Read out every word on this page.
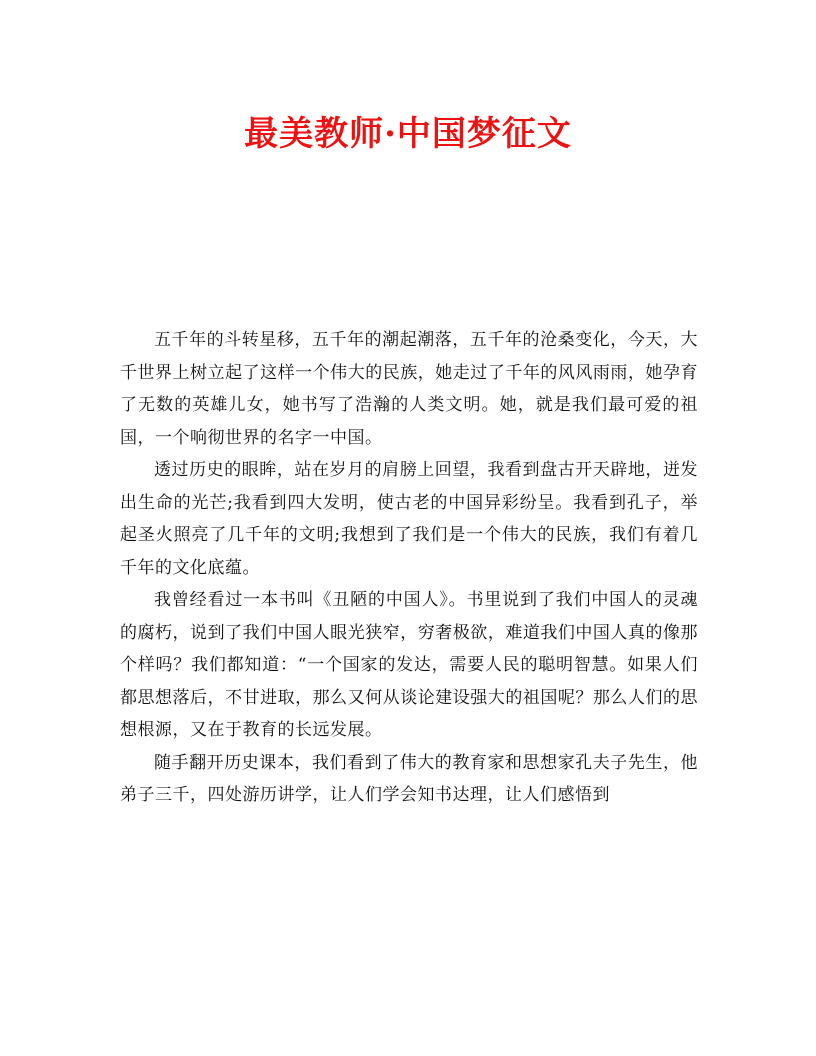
最美教师·中国梦征文

五千年的斗转星移，五千年的潮起潮落，五千年的沧桑变化，今天，大千世界上树立起了这样一个伟大的民族，她走过了千年的风风雨雨，她孕育了无数的英雄儿女，她书写了浩瀚的人类文明。她，就是我们最可爱的祖国，一个响彻世界的名字一中国。

透过历史的眼眸，站在岁月的肩膀上回望，我看到盘古开天辟地，迸发出生命的光芒;我看到四大发明，使古老的中国异彩纷呈。我看到孔子，举起圣火照亮了几千年的文明;我想到了我们是一个伟大的民族，我们有着几千年的文化底蕴。

我曾经看过一本书叫《丑陋的中国人》。书里说到了我们中国人的灵魂的腐朽，说到了我们中国人眼光狭窄，穷奢极欲，难道我们中国人真的像那个样吗？我们都知道：“一个国家的发达，需要人民的聪明智慧。如果人们都思想落后，不甘进取，那么又何从谈论建设强大的祖国呢？那么人们的思想根源，又在于教育的长远发展。

随手翻开历史课本，我们看到了伟大的教育家和思想家孔夫子先生，他弟子三千，四处游历讲学，让人们学会知书达理，让人们感悟到
